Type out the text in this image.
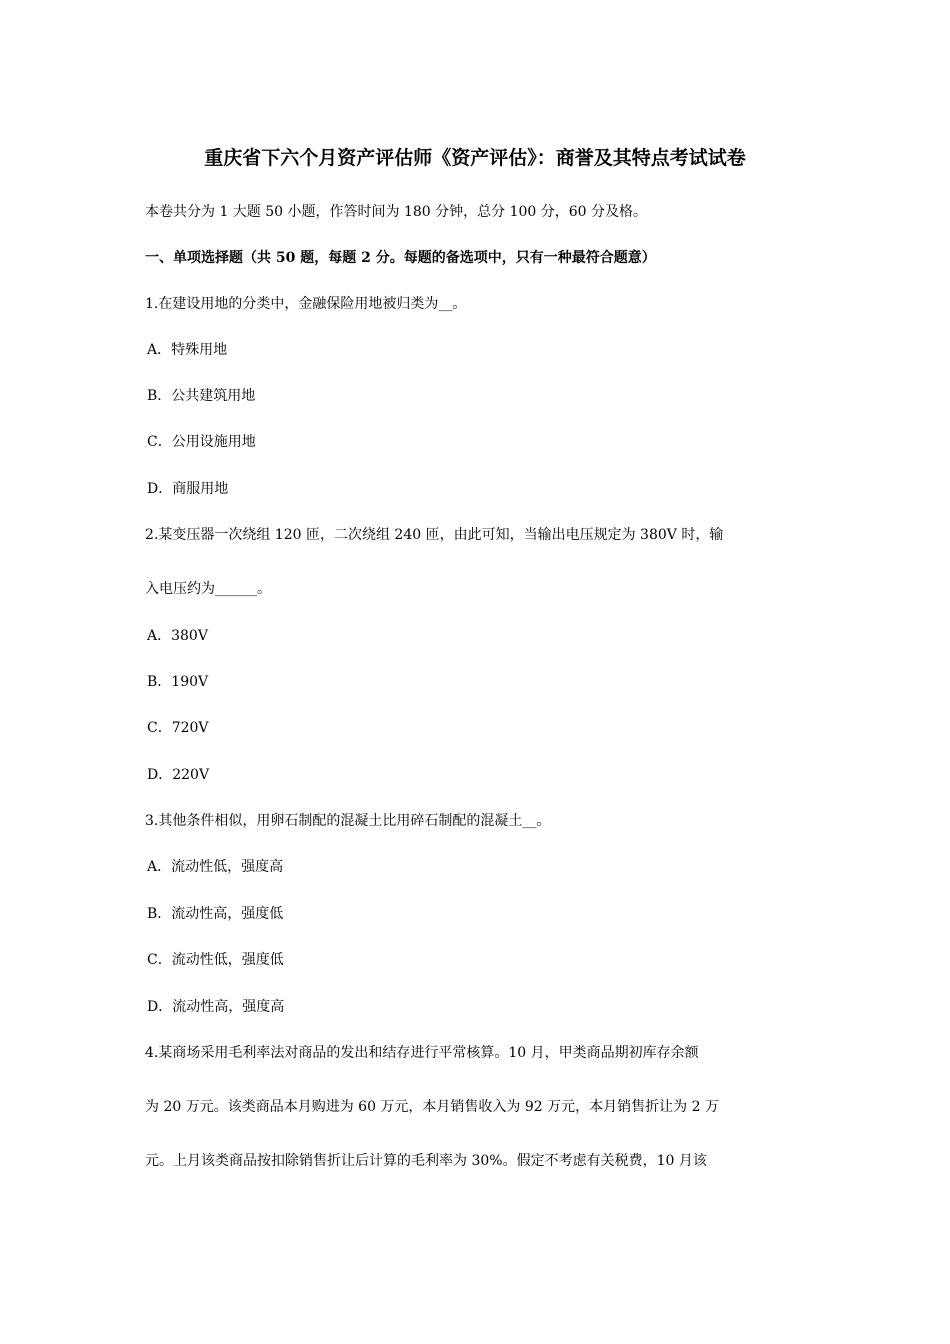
重庆省下六个月资产评估师《资产评估》：商誉及其特点考试试卷
本卷共分为 1 大题 50 小题，作答时间为 180 分钟，总分 100 分，60 分及格。
一、单项选择题（共 50 题，每题 2 分。每题的备选项中，只有一种最符合题意）
1.在建设用地的分类中，金融保险用地被归类为__。
A．特殊用地
B．公共建筑用地
C．公用设施用地
D．商服用地
2.某变压器一次绕组 120 匝，二次绕组 240 匝，由此可知，当输出电压规定为 380V 时，输
入电压约为______。
A．380V
B．190V
C．720V
D．220V
3.其他条件相似，用卵石制配的混凝土比用碎石制配的混凝土__。
A．流动性低，强度高
B．流动性高，强度低
C．流动性低，强度低
D．流动性高，强度高
4.某商场采用毛利率法对商品的发出和结存进行平常核算。10 月，甲类商品期初库存余额
为 20 万元。该类商品本月购进为 60 万元，本月销售收入为 92 万元，本月销售折让为 2 万
元。上月该类商品按扣除销售折让后计算的毛利率为 30%。假定不考虑有关税费，10 月该
